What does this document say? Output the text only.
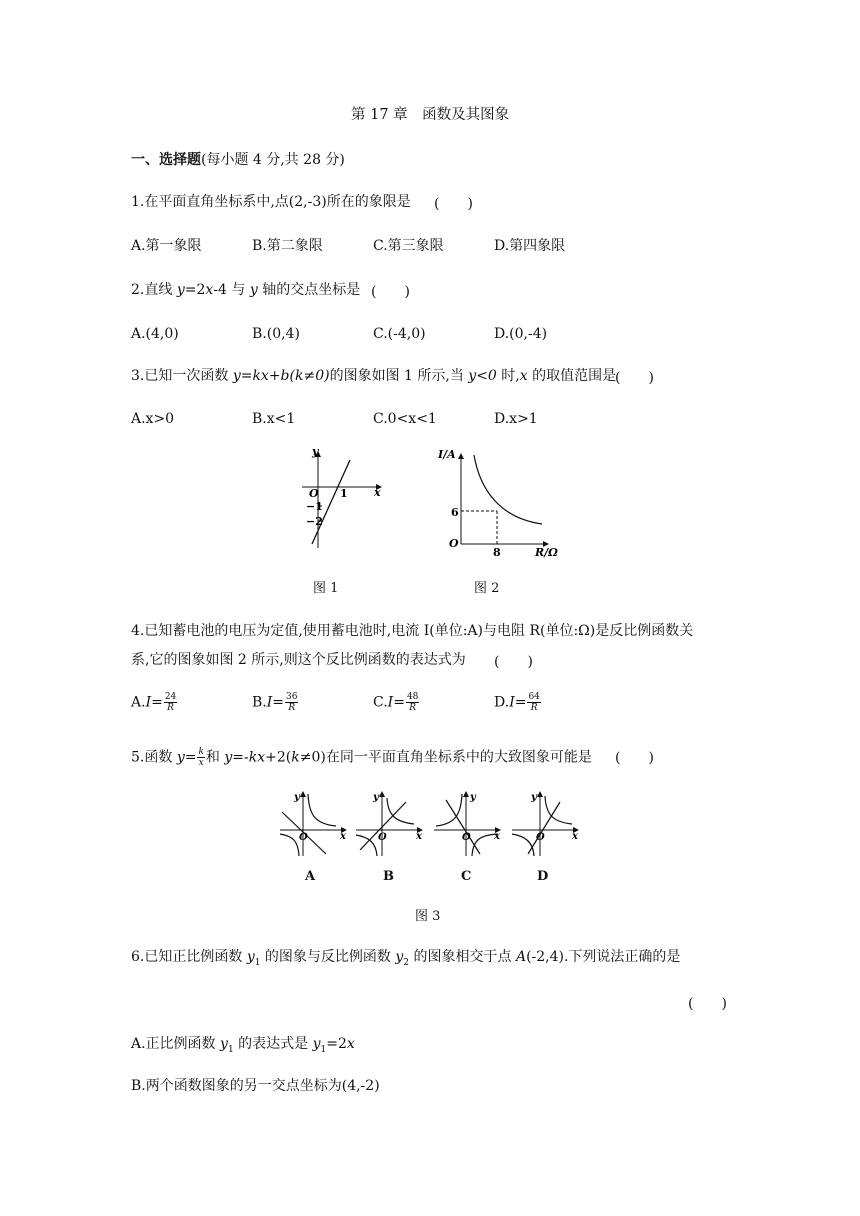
第 17 章　函数及其图象
一、选择题(每小题 4 分,共 28 分)
1.在平面直角坐标系中,点(2,-3)所在的象限是 (　　)
A.第一象限	B.第二象限	C.第三象限	D.第四象限
2.直线 y=2x-4 与 y 轴的交点坐标是 (　　)
A.(4,0)	B.(0,4)	C.(-4,0)	D.(0,-4)
3.已知一次函数 y=kx+b(k≠0)的图象如图 1 所示,当 y<0 时,x 的取值范围是
(　　)
A.x>0	B.x<1	C.0<x<1	D.x>1
y
x
O 1
−1
−2
图 1
I/A
R/Ω
O
6
8
图 2
4.已知蓄电池的电压为定值,使用蓄电池时,电流 I(单位:A)与电阻 R(单位:Ω)是反比例函数关
系,它的图象如图 2 所示,则这个反比例函数的表达式为 (　　)
$A.I= \frac{24}{R}$	$B.I= \frac{36}{R}$	$C.I= \frac{48}{R}$	$D.I= \frac{64}{R}$
5.函数 $y= \frac{k}{x}$ 和 y=-kx+2(k≠0)在同一平面直角坐标系中的大致图象可能是 (　　)
y
x
O
y
x
O
y
x
O
y
x
O
A	B	C	D
图 3
6.已知正比例函数 $y_1$ 的图象与反比例函数 $y_2$ 的图象相交于点 A(-2,4).下列说法正确的是
(　　)
A.正比例函数 $y_1$ 的表达式是 $y_1=2x$
B.两个函数图象的另一交点坐标为(4,-2)
